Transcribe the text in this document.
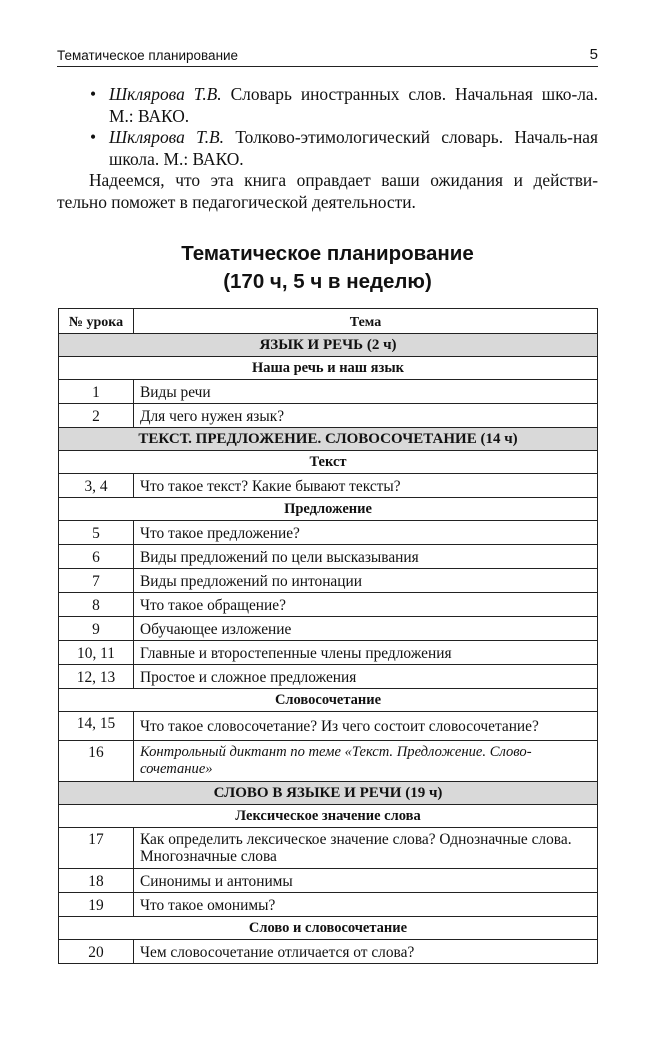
Тематическое планирование	5

• Шклярова Т.В. Словарь иностранных слов. Начальная шко-ла. М.: ВАКО.

• Шклярова Т.В. Толково-этимологический словарь. Началь-ная школа. М.: ВАКО.

Надеемся, что эта книга оправдает ваши ожидания и действи-тельно поможет в педагогической деятельности.

Тематическое планирование
(170 ч, 5 ч в неделю)
№ урока	Тема
ЯЗЫК И РЕЧЬ (2 ч)	
Наша речь и наш язык	
1	Виды речи
2	Для чего нужен язык?
ТЕКСТ. ПРЕДЛОЖЕНИЕ. СЛОВОСОЧЕТАНИЕ (14 ч)	
Текст	
3, 4	Что такое текст? Какие бывают тексты?
Предложение	
5	Что такое предложение?
6	Виды предложений по цели высказывания
7	Виды предложений по интонации
8	Что такое обращение?
9	Обучающее изложение
10, 11	Главные и второстепенные члены предложения
12, 13	Простое и сложное предложения
Словосочетание	
14, 15	Что такое словосочетание? Из чего состоит словосочетание?
16	Контрольный диктант по теме «Текст. Предложение. Слово-сочетание»
СЛОВО В ЯЗЫКЕ И РЕЧИ (19 ч)	
Лексическое значение слова	
17	Как определить лексическое значение слова? Однозначные слова. Многозначные слова
18	Синонимы и антонимы
19	Что такое омонимы?
Слово и словосочетание	
20	Чем словосочетание отличается от слова?
